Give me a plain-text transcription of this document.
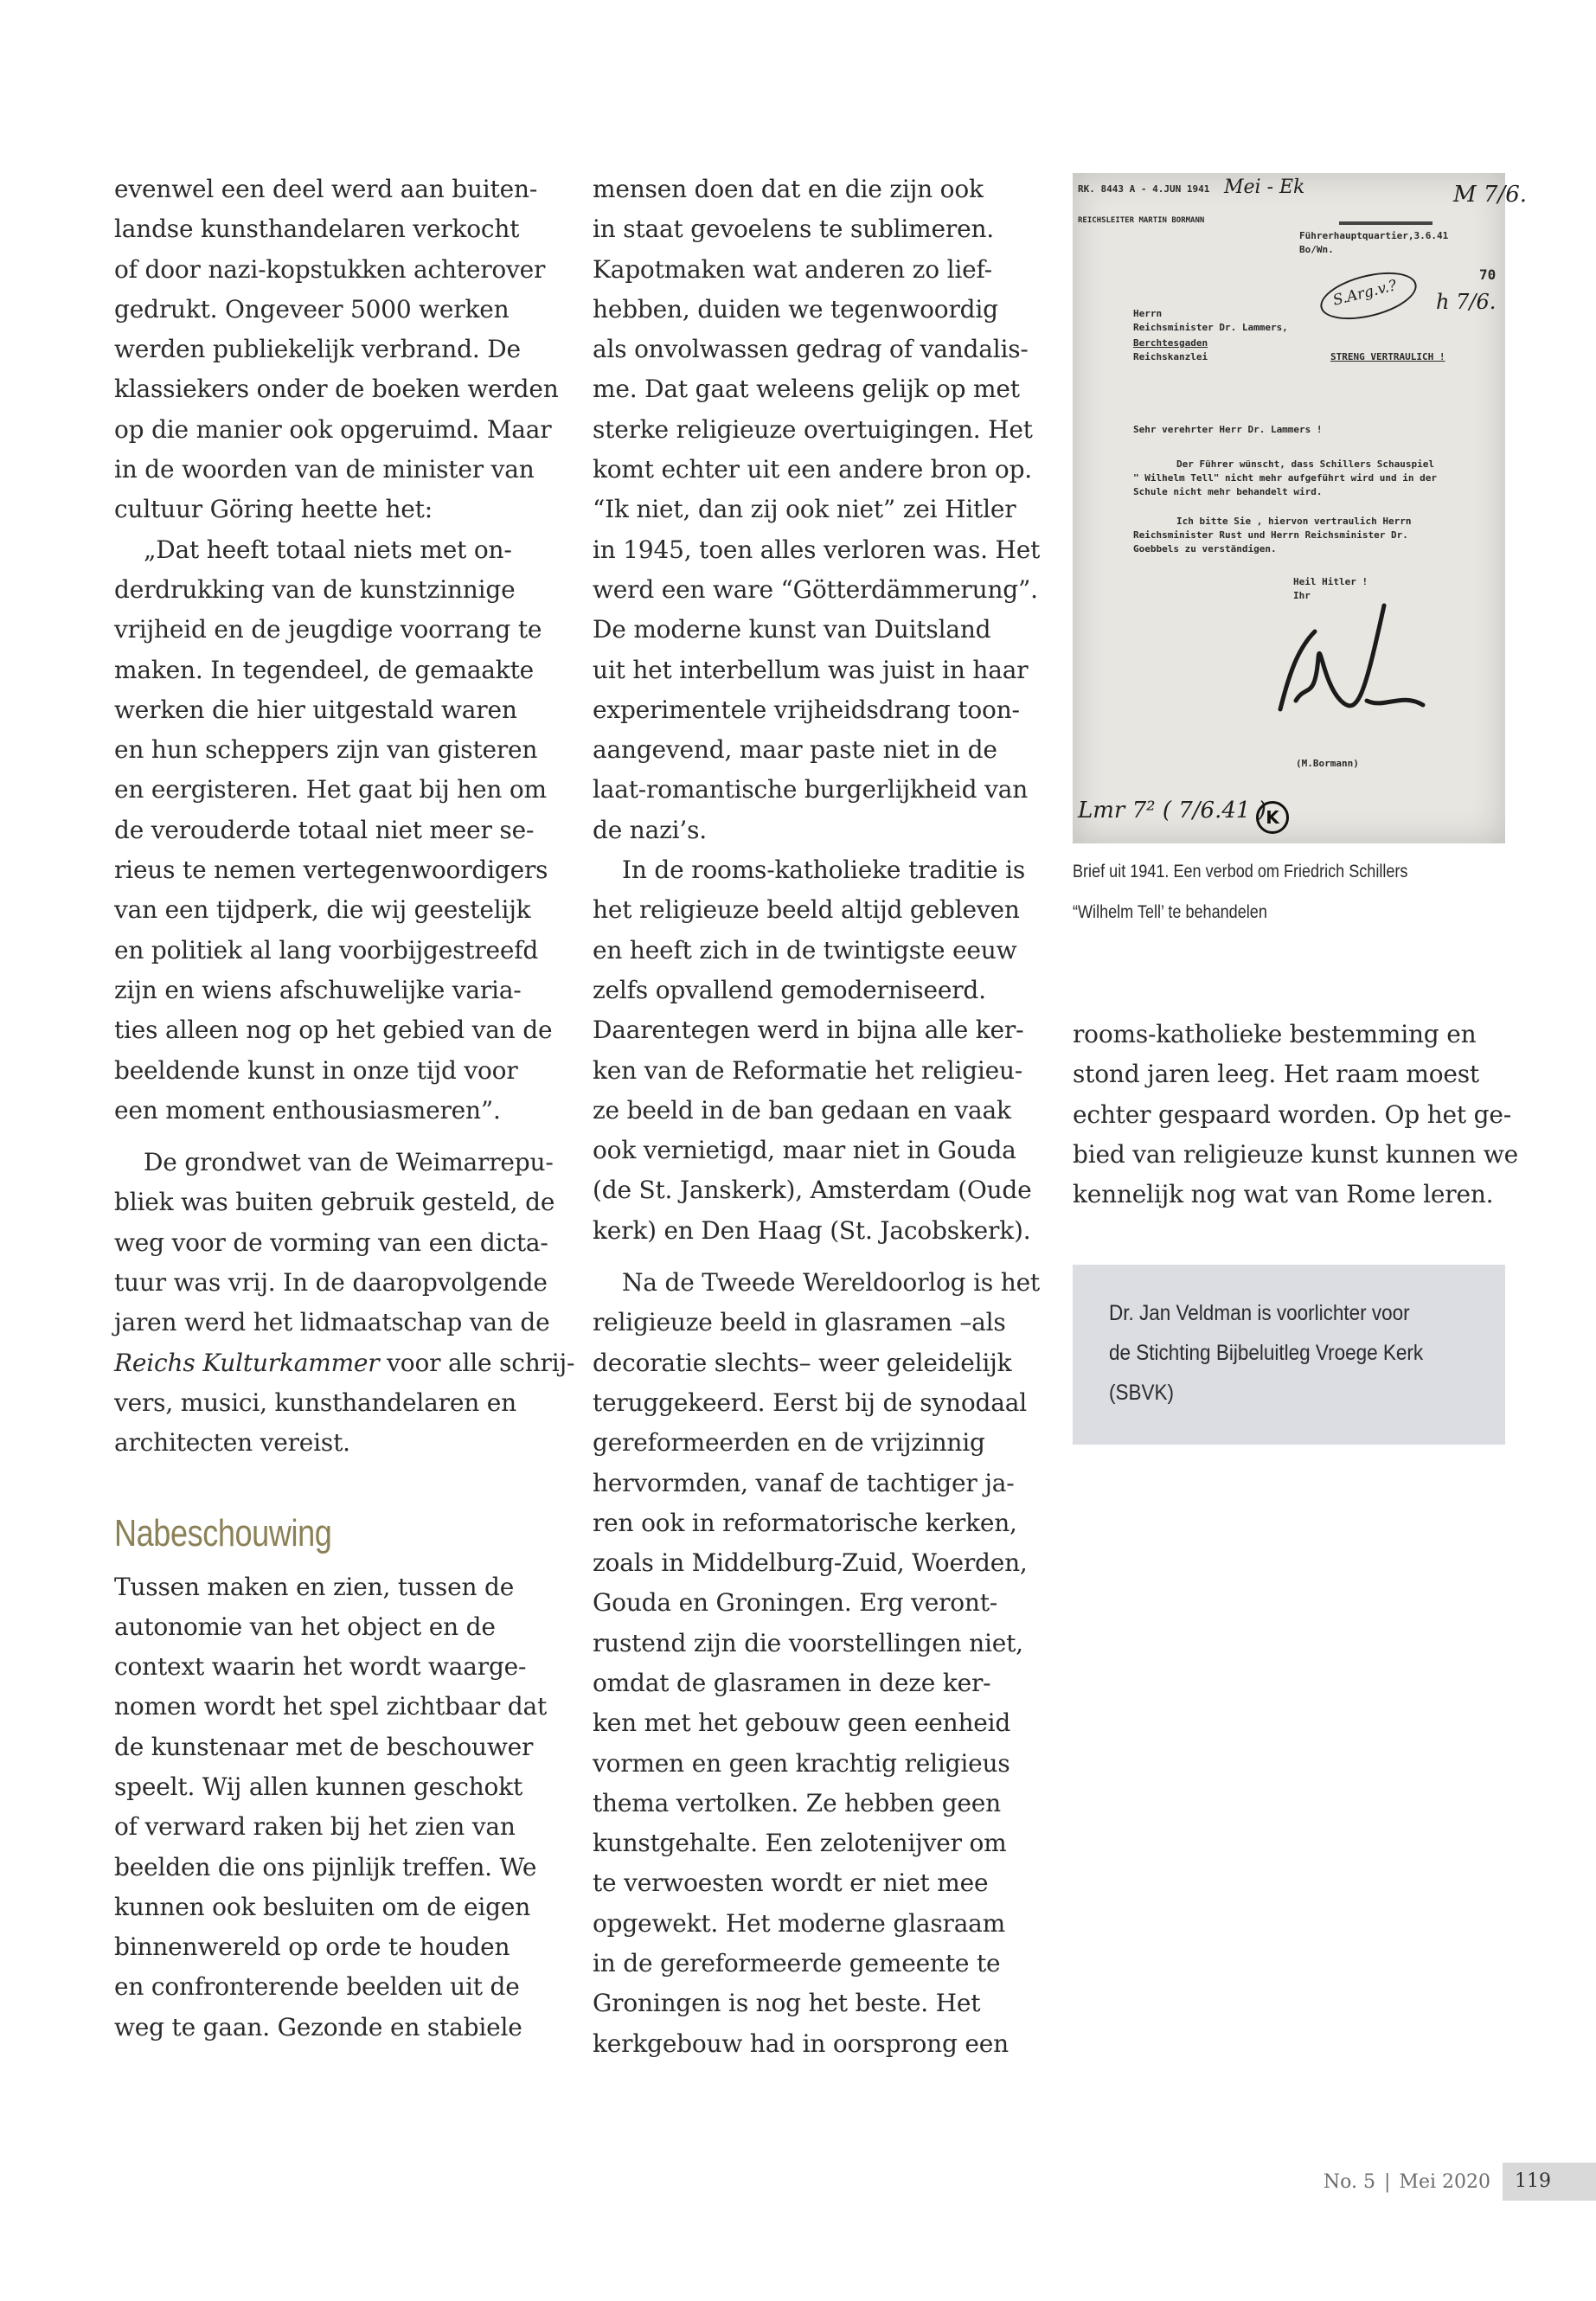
evenwel een deel werd aan buiten-
landse kunsthandelaren verkocht
of door nazi-kopstukken achterover
gedrukt. Ongeveer 5000 werken
werden publiekelijk verbrand. De
klassiekers onder de boeken werden
op die manier ook opgeruimd. Maar
in de woorden van de minister van
cultuur Göring heette het:
„Dat heeft totaal niets met on-
derdrukking van de kunstzinnige
vrijheid en de jeugdige voorrang te
maken. In tegendeel, de gemaakte
werken die hier uitgestald waren
en hun scheppers zijn van gisteren
en eergisteren. Het gaat bij hen om
de verouderde totaal niet meer se-
rieus te nemen vertegenwoordigers
van een tijdperk, die wij geestelijk
en politiek al lang voorbijgestreefd
zijn en wiens afschuwelijke varia-
ties alleen nog op het gebied van de
beeldende kunst in onze tijd voor
een moment enthousiasmeren”.
De grondwet van de Weimarrepu-
bliek was buiten gebruik gesteld, de
weg voor de vorming van een dicta-
tuur was vrij. In de daaropvolgende
jaren werd het lidmaatschap van de
Reichs Kulturkammer voor alle schrij-
vers, musici, kunsthandelaren en
architecten vereist.
Nabeschouwing
Tussen maken en zien, tussen de
autonomie van het object en de
context waarin het wordt waarge-
nomen wordt het spel zichtbaar dat
de kunstenaar met de beschouwer
speelt. Wij allen kunnen geschokt
of verward raken bij het zien van
beelden die ons pijnlijk treffen. We
kunnen ook besluiten om de eigen
binnenwereld op orde te houden
en confronterende beelden uit de
weg te gaan. Gezonde en stabiele
mensen doen dat en die zijn ook
in staat gevoelens te sublimeren.
Kapotmaken wat anderen zo lief-
hebben, duiden we tegenwoordig
als onvolwassen gedrag of vandalis-
me. Dat gaat weleens gelijk op met
sterke religieuze overtuigingen. Het
komt echter uit een andere bron op.
“Ik niet, dan zij ook niet” zei Hitler
in 1945, toen alles verloren was. Het
werd een ware “Götterdämmerung”.
De moderne kunst van Duitsland
uit het interbellum was juist in haar
experimentele vrijheidsdrang toon-
aangevend, maar paste niet in de
laat-romantische burgerlijkheid van
de nazi’s.
In de rooms-katholieke traditie is
het religieuze beeld altijd gebleven
en heeft zich in de twintigste eeuw
zelfs opvallend gemoderniseerd.
Daarentegen werd in bijna alle ker-
ken van de Reformatie het religieu-
ze beeld in de ban gedaan en vaak
ook vernietigd, maar niet in Gouda
(de St. Janskerk), Amsterdam (Oude
kerk) en Den Haag (St. Jacobskerk).
Na de Tweede Wereldoorlog is het
religieuze beeld in glasramen –als
decoratie slechts– weer geleidelijk
teruggekeerd. Eerst bij de synodaal
gereformeerden en de vrijzinnig
hervormden, vanaf de tachtiger ja-
ren ook in reformatorische kerken,
zoals in Middelburg-Zuid, Woerden,
Gouda en Groningen. Erg veront-
rustend zijn die voorstellingen niet,
omdat de glasramen in deze ker-
ken met het gebouw geen eenheid
vormen en geen krachtig religieus
thema vertolken. Ze hebben geen
kunstgehalte. Een zelotenijver om
te verwoesten wordt er niet mee
opgewekt. Het moderne glasraam
in de gereformeerde gemeente te
Groningen is nog het beste. Het
kerkgebouw had in oorsprong een
RK. 8443 A - 4.JUN 1941 Mei - Ek	M 7/6.
REICHSLEITER MARTIN BORMANN
Führerhauptquartier,3.6.41
Bo/Wn.
70
S.Arg.v.? h 7/6.
Herrn
Reichsminister Dr. Lammers,
Berchtesgaden
Reichskanzlei	STRENG VERTRAULICH !
Sehr verehrter Herr Dr. Lammers !
Der Führer wünscht, dass Schillers Schauspiel
" Wilhelm Tell" nicht mehr aufgeführt wird und in der
Schule nicht mehr behandelt wird.
Ich bitte Sie , hiervon vertraulich Herrn
Reichsminister Rust und Herrn Reichsminister Dr.
Goebbels zu verständigen.
Heil Hitler !
Ihr
(M.Bormann)
Lmr 7² ( 7/6.41 ) K
Brief uit 1941. Een verbod om Friedrich Schillers
“Wilhelm Tell’ te behandelen
rooms-katholieke bestemming en
stond jaren leeg. Het raam moest
echter gespaard worden. Op het ge-
bied van religieuze kunst kunnen we
kennelijk nog wat van Rome leren.
Dr. Jan Veldman is voorlichter voor
de Stichting Bijbeluitleg Vroege Kerk
(SBVK)
No. 5 | Mei 2020 119
